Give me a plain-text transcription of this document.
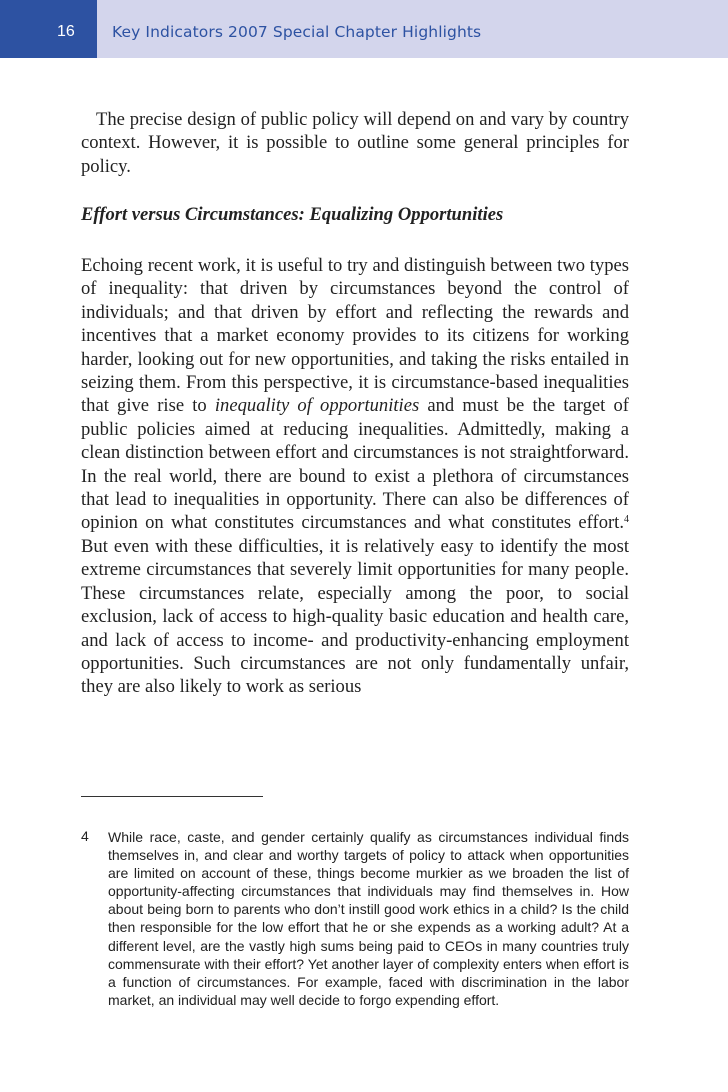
16	Key Indicators 2007 Special Chapter Highlights

The precise design of public policy will depend on and vary by country context. However, it is possible to outline some general principles for policy.

Effort versus Circumstances: Equalizing Opportunities

Echoing recent work, it is useful to try and distinguish between two types of inequality: that driven by circumstances beyond the control of individuals; and that driven by effort and reflecting the rewards and incentives that a market economy provides to its citizens for working harder, looking out for new opportunities, and taking the risks entailed in seizing them. From this perspective, it is circumstance-based inequalities that give rise to inequality of opportunities and must be the target of public policies aimed at reducing inequalities. Admittedly, making a clean distinction between effort and circumstances is not straightforward. In the real world, there are bound to exist a plethora of circumstances that lead to inequalities in opportunity. There can also be differences of opinion on what constitutes circumstances and what constitutes effort.$^4$ But even with these difficulties, it is relatively easy to identify the most extreme circumstances that severely limit opportunities for many people. These circumstances relate, especially among the poor, to social exclusion, lack of access to high-quality basic education and health care, and lack of access to income- and productivity-enhancing employment opportunities. Such circumstances are not only fundamentally unfair, they are also likely to work as serious

4 While race, caste, and gender certainly qualify as circumstances individual finds themselves in, and clear and worthy targets of policy to attack when opportunities are limited on account of these, things become murkier as we broaden the list of opportunity-affecting circumstances that individuals may find themselves in. How about being born to parents who don’t instill good work ethics in a child? Is the child then responsible for the low effort that he or she expends as a working adult? At a different level, are the vastly high sums being paid to CEOs in many countries truly commensurate with their effort? Yet another layer of complexity enters when effort is a function of circumstances. For example, faced with discrimination in the labor market, an individual may well decide to forgo expending effort.
